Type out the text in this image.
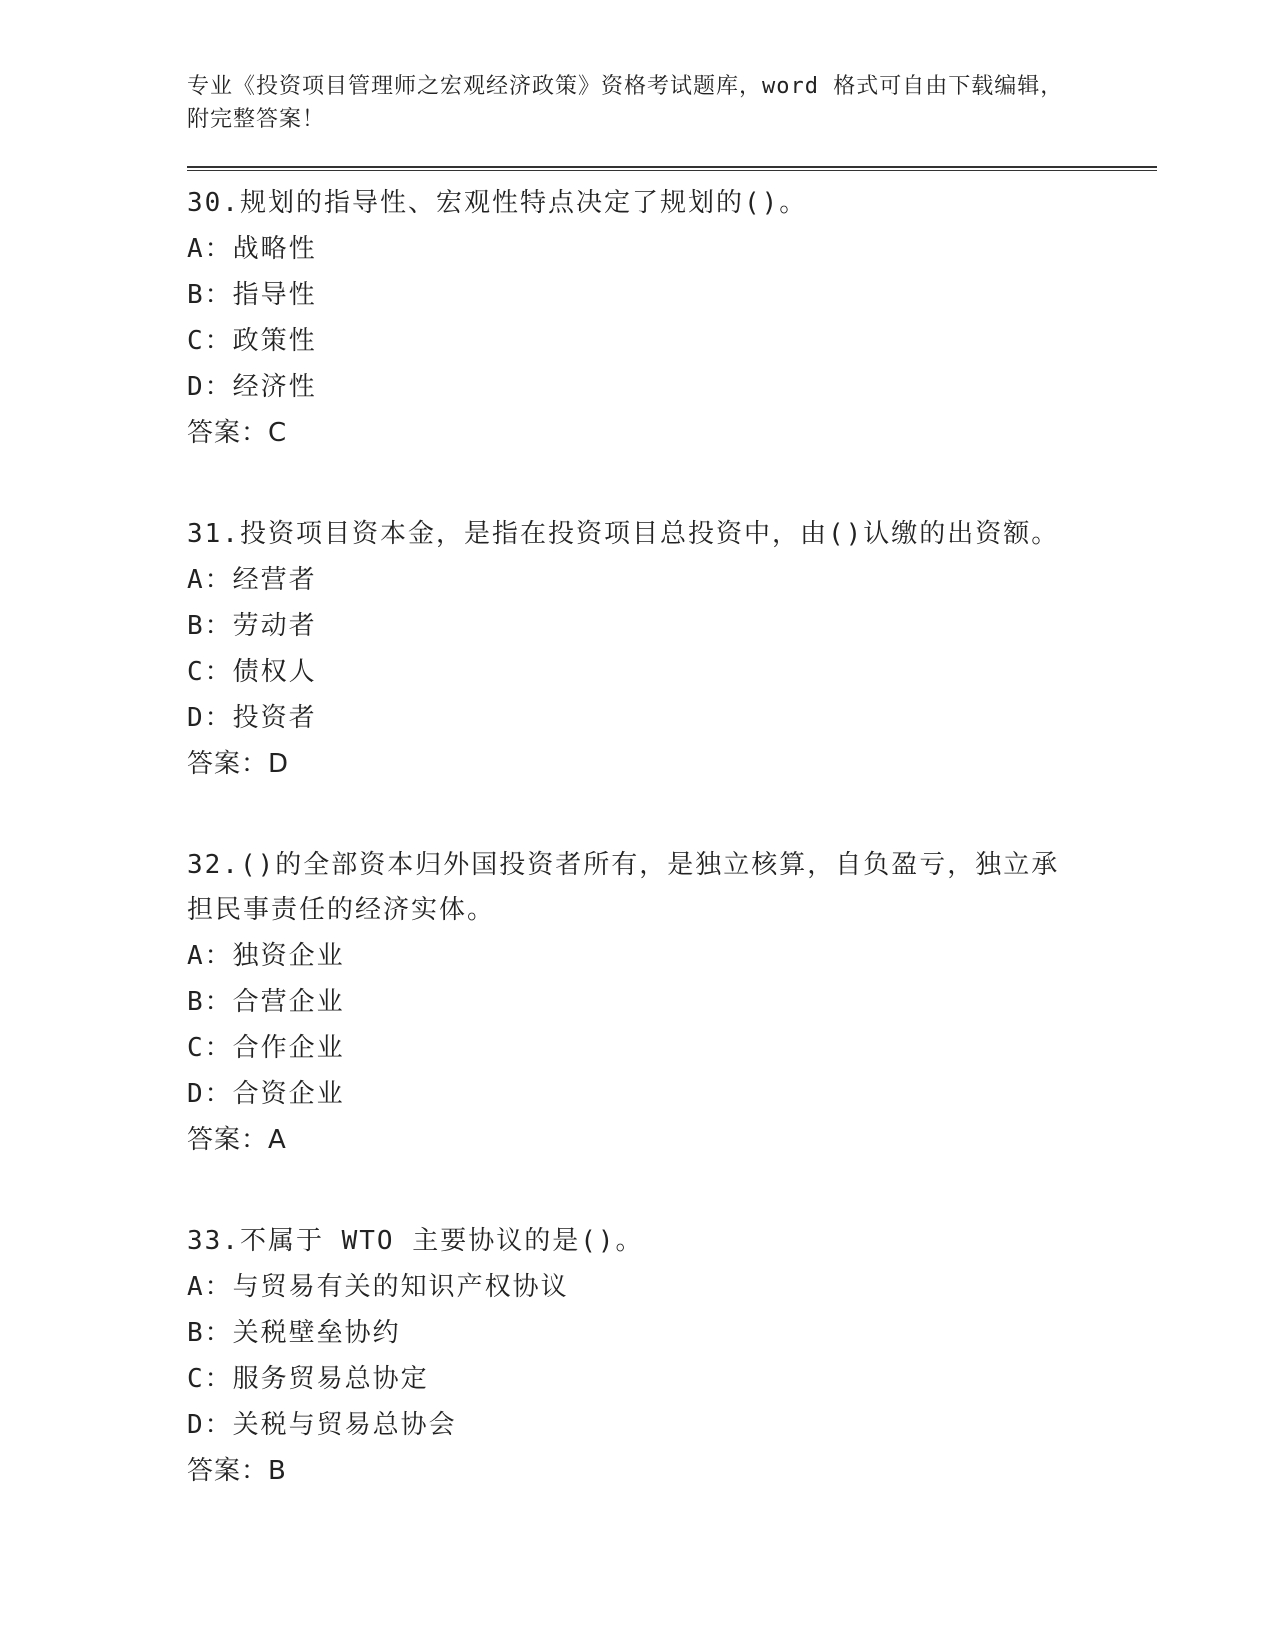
专业《投资项目管理师之宏观经济政策》资格考试题库，word 格式可自由下载编辑，附完整答案！

30.规划的指导性、宏观性特点决定了规划的()。

A：战略性
B：指导性
C：政策性
D：经济性
答案：C

31.投资项目资本金，是指在投资项目总投资中，由()认缴的出资额。

A：经营者
B：劳动者
C：债权人
D：投资者
答案：D

32.()的全部资本归外国投资者所有，是独立核算，自负盈亏，独立承担民事责任的经济实体。

A：独资企业
B：合营企业
C：合作企业
D：合资企业
答案：A

33.不属于 WTO 主要协议的是()。

A：与贸易有关的知识产权协议
B：关税壁垒协约
C：服务贸易总协定
D：关税与贸易总协会
答案：B
